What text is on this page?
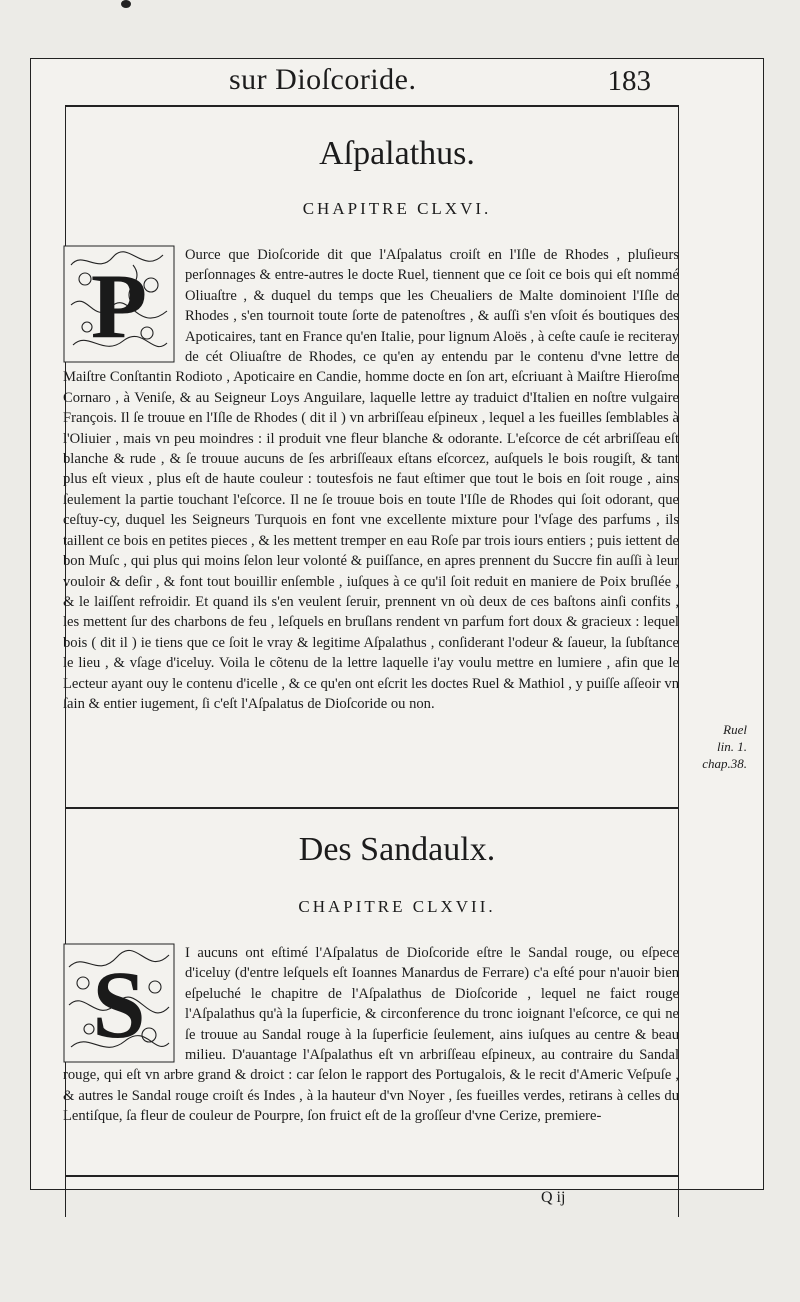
sur Dioſcoride.	183
Aſpalathus.
CHAPITRE CLXVI.
P	Ource que Dioſcoride dit que l'Aſpalatus croiſt en l'Iſle de Rhodes , pluſieurs perſonnages & entre-autres le docte Ruel, tiennent que ce ſoit ce bois qui eſt nommé Oliuaſtre , & duquel du temps que les Cheualiers de Malte dominoient l'Iſle de Rhodes , s'en tournoit toute ſorte de patenoſtres , & auſſi s'en vſoit és boutiques des Apoticaires, tant en France qu'en Italie, pour lignum Aloës , à ceſte cauſe ie reciteray de cét Oliuaſtre de Rhodes, ce qu'en ay entendu par le contenu d'vne lettre de Maiſtre Conſtantin Rodioto , Apoticaire en Candie, homme docte en ſon art, eſcriuant à Maiſtre Hieroſme Cornaro , à Veniſe, & au Seigneur Loys Anguilare, laquelle lettre ay traduict d'Italien en noſtre vulgaire François. Il ſe trouue en l'Iſle de Rhodes ( dit il ) vn arbriſſeau eſpineux , lequel a les fueilles ſemblables à l'Oliuier , mais vn peu moindres : il produit vne fleur blanche & odorante. L'eſcorce de cét arbriſſeau eſt blanche & rude , & ſe trouue aucuns de ſes arbriſſeaux eſtans eſcorcez, auſquels le bois rougiſt, & tant plus eſt vieux , plus eſt de haute couleur : toutesfois ne faut eſtimer que tout le bois en ſoit rouge , ains ſeulement la partie touchant l'eſcorce. Il ne ſe trouue bois en toute l'Iſle de Rhodes qui ſoit odorant, que ceſtuy-cy, duquel les Seigneurs Turquois en font vne excellente mixture pour l'vſage des parfums , ils taillent ce bois en petites pieces , & les mettent tremper en eau Roſe par trois iours entiers ; puis iettent de bon Muſc , qui plus qui moins ſelon leur volonté & puiſſance, en apres prennent du Succre fin auſſi à leur vouloir & deſir , & font tout bouillir enſemble , iuſques à ce qu'il ſoit reduit en maniere de Poix bruſlée , & le laiſſent refroidir. Et quand ils s'en veulent ſeruir, prennent vn où deux de ces baſtons ainſi confits , les mettent ſur des charbons de feu , leſquels en bruſlans rendent vn parfum fort doux & gracieux : lequel bois ( dit il ) ie tiens que ce ſoit le vray & legitime Aſpalathus , conſiderant l'odeur & ſaueur, la ſubſtance le lieu , & vſage d'iceluy. Voila le cõtenu de la lettre laquelle i'ay voulu mettre en lumiere , afin que le Lecteur ayant ouy le contenu d'icelle , & ce qu'en ont eſcrit les doctes Ruel & Mathiol , y puiſſe aſſeoir vn ſain & entier iugement, ſi c'eſt l'Aſpalatus de Dioſcoride ou non.

Ruel
lin. 1.
chap.38.
Des Sandaulx.
CHAPITRE CLXVII.
S	I aucuns ont eſtimé l'Aſpalatus de Dioſcoride eſtre le Sandal rouge, ou eſpece d'iceluy (d'entre leſquels eſt Ioannes Manardus de Ferrare) c'a eſté pour n'auoir bien eſpeluché le chapitre de l'Aſpalathus de Dioſcoride , lequel ne faict rouge l'Aſpalathus qu'à la ſuperficie, & circonference du tronc ioignant l'eſcorce, ce qui ne ſe trouue au Sandal rouge à la ſuperficie ſeulement, ains iuſques au centre & beau milieu. D'auantage l'Aſpalathus eſt vn arbriſſeau eſpineux, au contraire du Sandal rouge, qui eſt vn arbre grand & droict : car ſelon le rapport des Portugalois, & le recit d'Americ Veſpuſe , & autres le Sandal rouge croiſt és Indes , à la hauteur d'vn Noyer , ſes fueilles verdes, retirans à celles du Lentiſque, ſa fleur de couleur de Pourpre, ſon fruict eſt de la groſſeur d'vne Cerize, premiere-

Q ij
